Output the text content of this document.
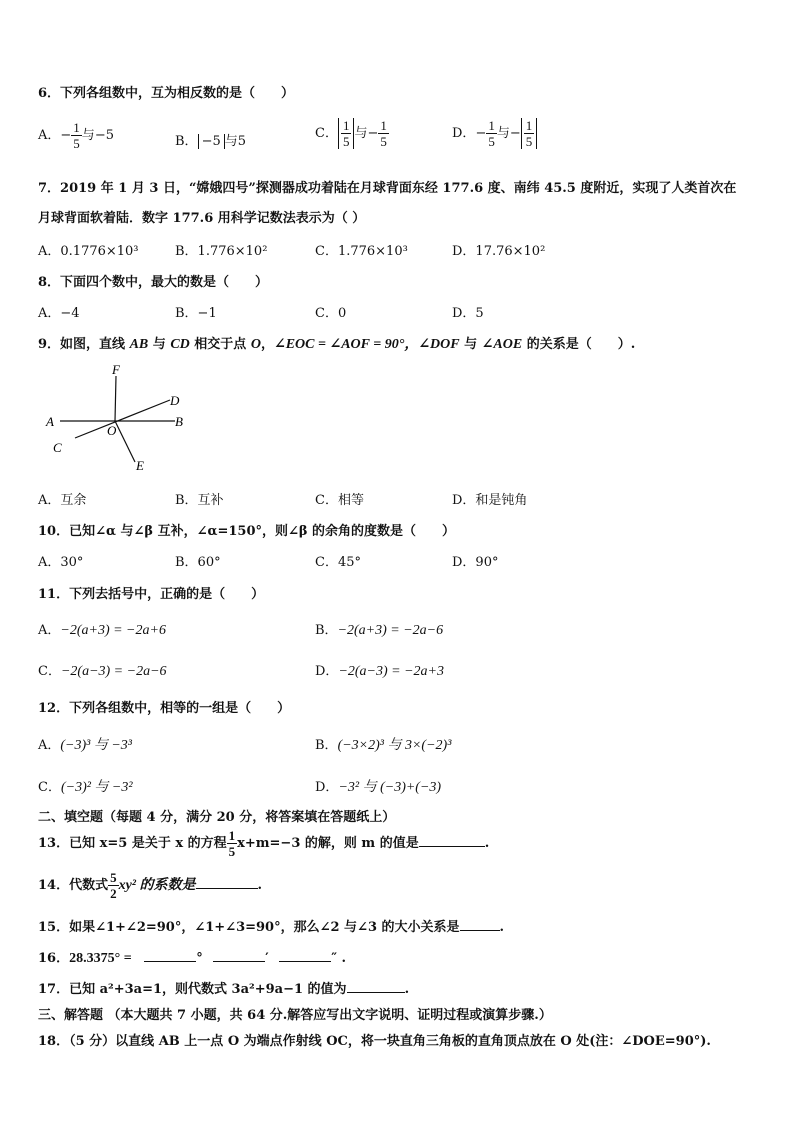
6．下列各组数中，互为相反数的是（　　）
A．− $\frac{1}{5}$ 与−5	B． −5 与5
C． $\frac{1}{5}$ 与− $\frac{1}{5}$	D．− $\frac{1}{5}$ 与− $\frac{1}{5}$
7．2019 年 1 月 3 日，“嫦娥四号”探测器成功着陆在月球背面东经 177.6 度、南纬 45.5 度附近，实现了人类首次在
月球背面软着陆．数字 177.6 用科学记数法表示为（ ）
A．0.1776×10³	B．1.776×10²	C．1.776×10³	D．17.76×10²
8．下面四个数中，最大的数是（　　）
A．−4	B．−1	C．0	D．5
9．如图，直线 AB 与 CD 相交于点 O，∠EOC = ∠AOF = 90°，∠DOF 与 ∠AOE 的关系是（　　）.
F
D
A	B
O
C
E
A．互余	B．互补	C．相等	D．和是钝角
10．已知∠α 与∠β 互补，∠α=150°，则∠β 的余角的度数是（　　）
A．30°	B．60°	C．45°	D．90°
11．下列去括号中，正确的是（　　）
A．−2(a+3) = −2a+6	B．−2(a+3) = −2a−6
C．−2(a−3) = −2a−6	D．−2(a−3) = −2a+3
12．下列各组数中，相等的一组是（　　）
A．(−3)³ 与 −3³	B．(−3×2)³ 与 3×(−2)³
C．(−3)² 与 −3²	D．−3² 与 (−3)+(−3)
二、填空题（每题 4 分，满分 20 分，将答案填在答题纸上）
13．已知 x=5 是关于 x 的方程 $\frac{1}{5} x+m=-3$ 的解，则 m 的值是	.
14．代数式 $\frac{5}{2} xy^2$ 的系数是	.
15．如果∠1+∠2=90°，∠1+∠3=90°，那么∠2 与∠3 的大小关系是	.
16．28.3375° =	°	′	″ .
17．已知 a²+3a=1，则代数式 3a²+9a−1 的值为	.
三、解答题 （本大题共 7 小题，共 64 分.解答应写出文字说明、证明过程或演算步骤.）
18．（5 分）以直线 AB 上一点 O 为端点作射线 OC，将一块直角三角板的直角顶点放在 O 处(注：∠DOE=90°).
